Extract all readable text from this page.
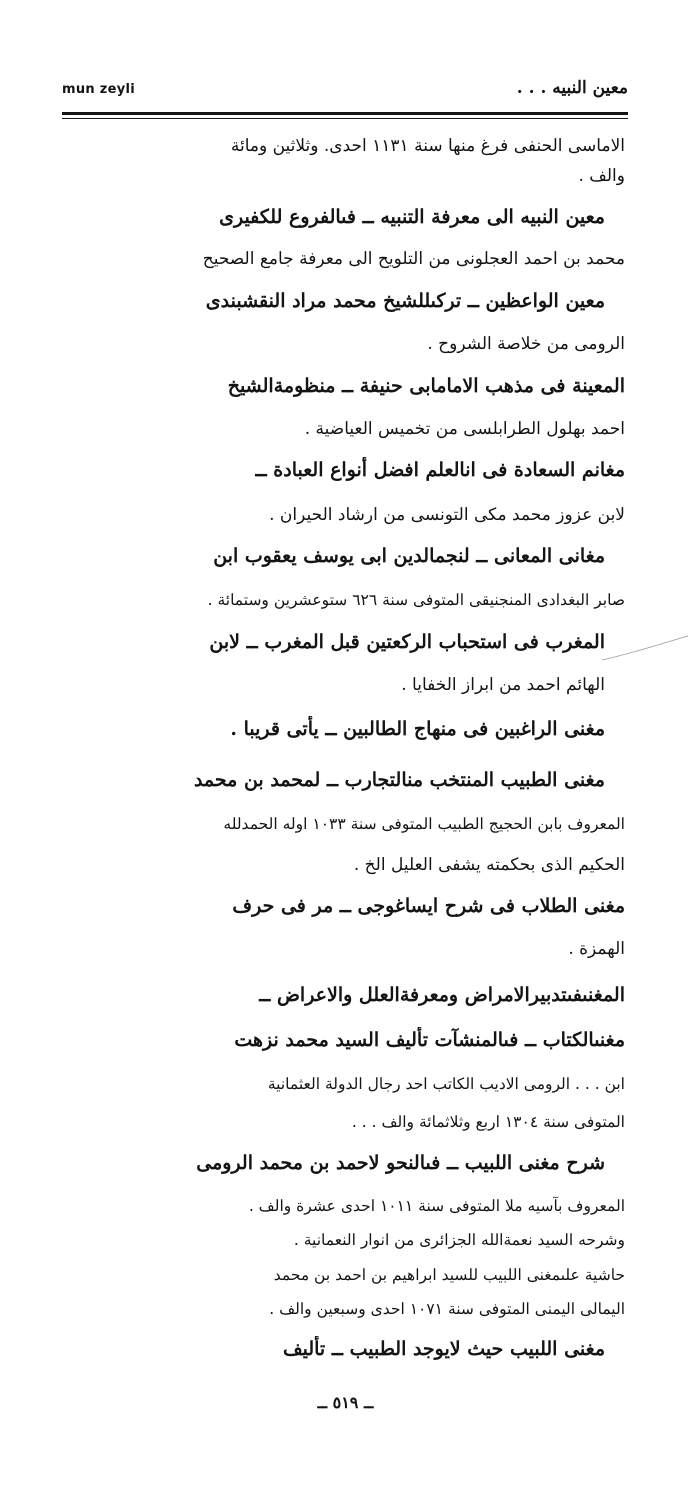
mun zeyli	معين النبيه . . .
الاماسى الحنفى فرغ منها سنة ١١٣١ احدى. وثلاثين ومائة
والف .
معين النبيه الى معرفة التنبيه ــ فىالفروع للكفيرى
محمد بن احمد العجلونى من التلويح الى معرفة جامع الصحيح
معين الواعظين ــ تركىللشيخ محمد مراد النقشبندى
الرومى من خلاصة الشروح .
المعينة فى مذهب الامامابى حنيفة ــ منظومةالشيخ
احمد بهلول الطرابلسى من تخميس العياضية .
مغانم السعادة فى انالعلم افضل أنواع العبادة ــ
لابن عزوز محمد مكى التونسى من ارشاد الحيران .
مغانى المعانى ــ لنجمالدين ابى يوسف يعقوب ابن
صابر البغدادى المنجنيقى المتوفى سنة ٦٢٦ ستوعشرين وستمائة .
المغرب فى استحباب الركعتين قبل المغرب ــ لابن
الهائم احمد من ابراز الخفايا .
مغنى الراغبين فى منهاج الطالبين ــ يأتى قريبا .
مغنى الطبيب المنتخب منالتجارب ــ لمحمد بن محمد
المعروف بابن الحجيج الطبيب المتوفى سنة ١٠٣٣ اوله الحمدلله
الحكيم الذى بحكمته يشفى العليل الخ .
مغنى الطلاب فى شرح ايساغوجى ــ مر فى حرف
الهمزة .
المغنىفىتدبيرالامراض ومعرفةالعلل والاعراض ــ
مغنىالكتاب ــ فىالمنشآت تأليف السيد محمد نزهت
ابن . . . الرومى الاديب الكاتب احد رجال الدولة العثمانية
المتوفى سنة ١٣٠٤ اربع وثلاثمائة والف . . .
شرح مغنى اللبيب ــ فىالنحو لاحمد بن محمد الرومى
المعروف بآسيه ملا المتوفى سنة ١٠١١ احدى عشرة والف .
وشرحه السيد نعمةالله الجزائرى من انوار النعمانية .
حاشية علىمغنى اللبيب للسيد ابراهيم بن احمد بن محمد
اليمالى اليمنى المتوفى سنة ١٠٧١ احدى وسبعين والف .
مغنى اللبيب حيث لايوجد الطبيب ــ تأليف
ــ ٥١٩ ــ
